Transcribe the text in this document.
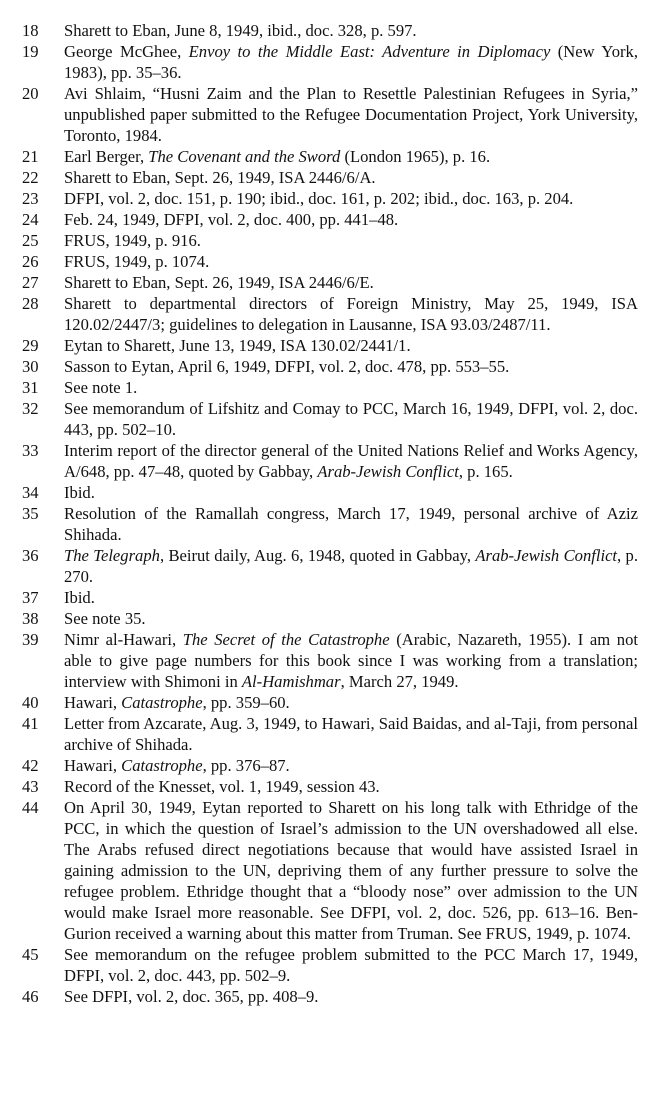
18	Sharett to Eban, June 8, 1949, ibid., doc. 328, p. 597.
19	George McGhee, Envoy to the Middle East: Adventure in Diplomacy (New York, 1983), pp. 35–36.
20	Avi Shlaim, “Husni Zaim and the Plan to Resettle Palestinian Refugees in Syria,” unpublished paper submitted to the Refugee Documentation Project, York University, Toronto, 1984.
21	Earl Berger, The Covenant and the Sword (London 1965), p. 16.
22	Sharett to Eban, Sept. 26, 1949, ISA 2446/6/A.
23	DFPI, vol. 2, doc. 151, p. 190; ibid., doc. 161, p. 202; ibid., doc. 163, p. 204.
24	Feb. 24, 1949, DFPI, vol. 2, doc. 400, pp. 441–48.
25	FRUS, 1949, p. 916.
26	FRUS, 1949, p. 1074.
27	Sharett to Eban, Sept. 26, 1949, ISA 2446/6/E.
28	Sharett to departmental directors of Foreign Ministry, May 25, 1949, ISA 120.02/2447/3; guidelines to delegation in Lausanne, ISA 93.03/2487/11.
29	Eytan to Sharett, June 13, 1949, ISA 130.02/2441/1.
30	Sasson to Eytan, April 6, 1949, DFPI, vol. 2, doc. 478, pp. 553–55.
31	See note 1.
32	See memorandum of Lifshitz and Comay to PCC, March 16, 1949, DFPI, vol. 2, doc. 443, pp. 502–10.
33	Interim report of the director general of the United Nations Relief and Works Agency, A/648, pp. 47–48, quoted by Gabbay, Arab-Jewish Conflict, p. 165.
34	Ibid.
35	Resolution of the Ramallah congress, March 17, 1949, personal archive of Aziz Shihada.
36	The Telegraph, Beirut daily, Aug. 6, 1948, quoted in Gabbay, Arab-Jewish Conflict, p. 270.
37	Ibid.
38	See note 35.
39	Nimr al-Hawari, The Secret of the Catastrophe (Arabic, Nazareth, 1955). I am not able to give page numbers for this book since I was working from a translation; interview with Shimoni in Al-Hamishmar, March 27, 1949.
40	Hawari, Catastrophe, pp. 359–60.
41	Letter from Azcarate, Aug. 3, 1949, to Hawari, Said Baidas, and al-Taji, from personal archive of Shihada.
42	Hawari, Catastrophe, pp. 376–87.
43	Record of the Knesset, vol. 1, 1949, session 43.
44	On April 30, 1949, Eytan reported to Sharett on his long talk with Ethridge of the PCC, in which the question of Israel’s admission to the UN overshadowed all else. The Arabs refused direct negotiations because that would have assisted Israel in gaining admission to the UN, depriving them of any further pressure to solve the refugee problem. Ethridge thought that a “bloody nose” over admission to the UN would make Israel more reasonable. See DFPI, vol. 2, doc. 526, pp. 613–16. Ben-Gurion received a warning about this matter from Truman. See FRUS, 1949, p. 1074.
45	See memorandum on the refugee problem submitted to the PCC March 17, 1949, DFPI, vol. 2, doc. 443, pp. 502–9.
46	See DFPI, vol. 2, doc. 365, pp. 408–9.
